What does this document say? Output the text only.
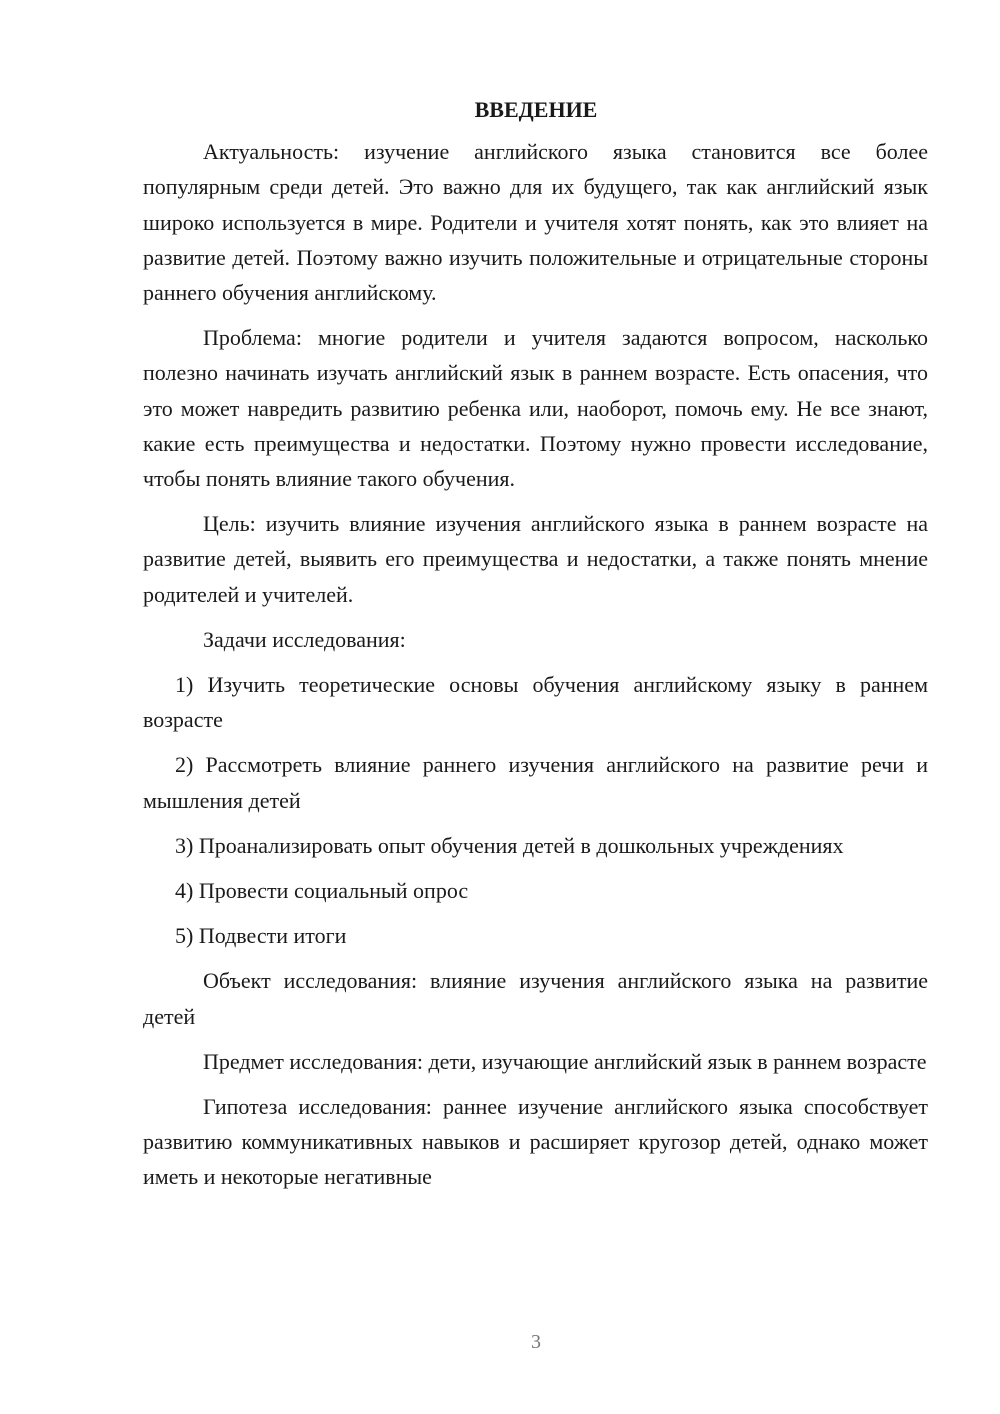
ВВЕДЕНИЕ

Актуальность: изучение английского языка становится все более популярным среди детей. Это важно для их будущего, так как английский язык широко используется в мире. Родители и учителя хотят понять, как это влияет на развитие детей. Поэтому важно изучить положительные и отрицательные стороны раннего обучения английскому.

Проблема: многие родители и учителя задаются вопросом, насколько полезно начинать изучать английский язык в раннем возрасте. Есть опасения, что это может навредить развитию ребенка или, наоборот, помочь ему. Не все знают, какие есть преимущества и недостатки. Поэтому нужно провести исследование, чтобы понять влияние такого обучения.

Цель: изучить влияние изучения английского языка в раннем возрасте на развитие детей, выявить его преимущества и недостатки, а также понять мнение родителей и учителей.

Задачи исследования:

1) Изучить теоретические основы обучения английскому языку в раннем возрасте

2) Рассмотреть влияние раннего изучения английского на развитие речи и мышления детей

3) Проанализировать опыт обучения детей в дошкольных учреждениях

4) Провести социальный опрос

5) Подвести итоги

Объект исследования: влияние изучения английского языка на развитие детей

Предмет исследования: дети, изучающие английский язык в раннем возрасте

Гипотеза исследования: раннее изучение английского языка способствует развитию коммуникативных навыков и расширяет кругозор детей, однако может иметь и некоторые негативные

3
